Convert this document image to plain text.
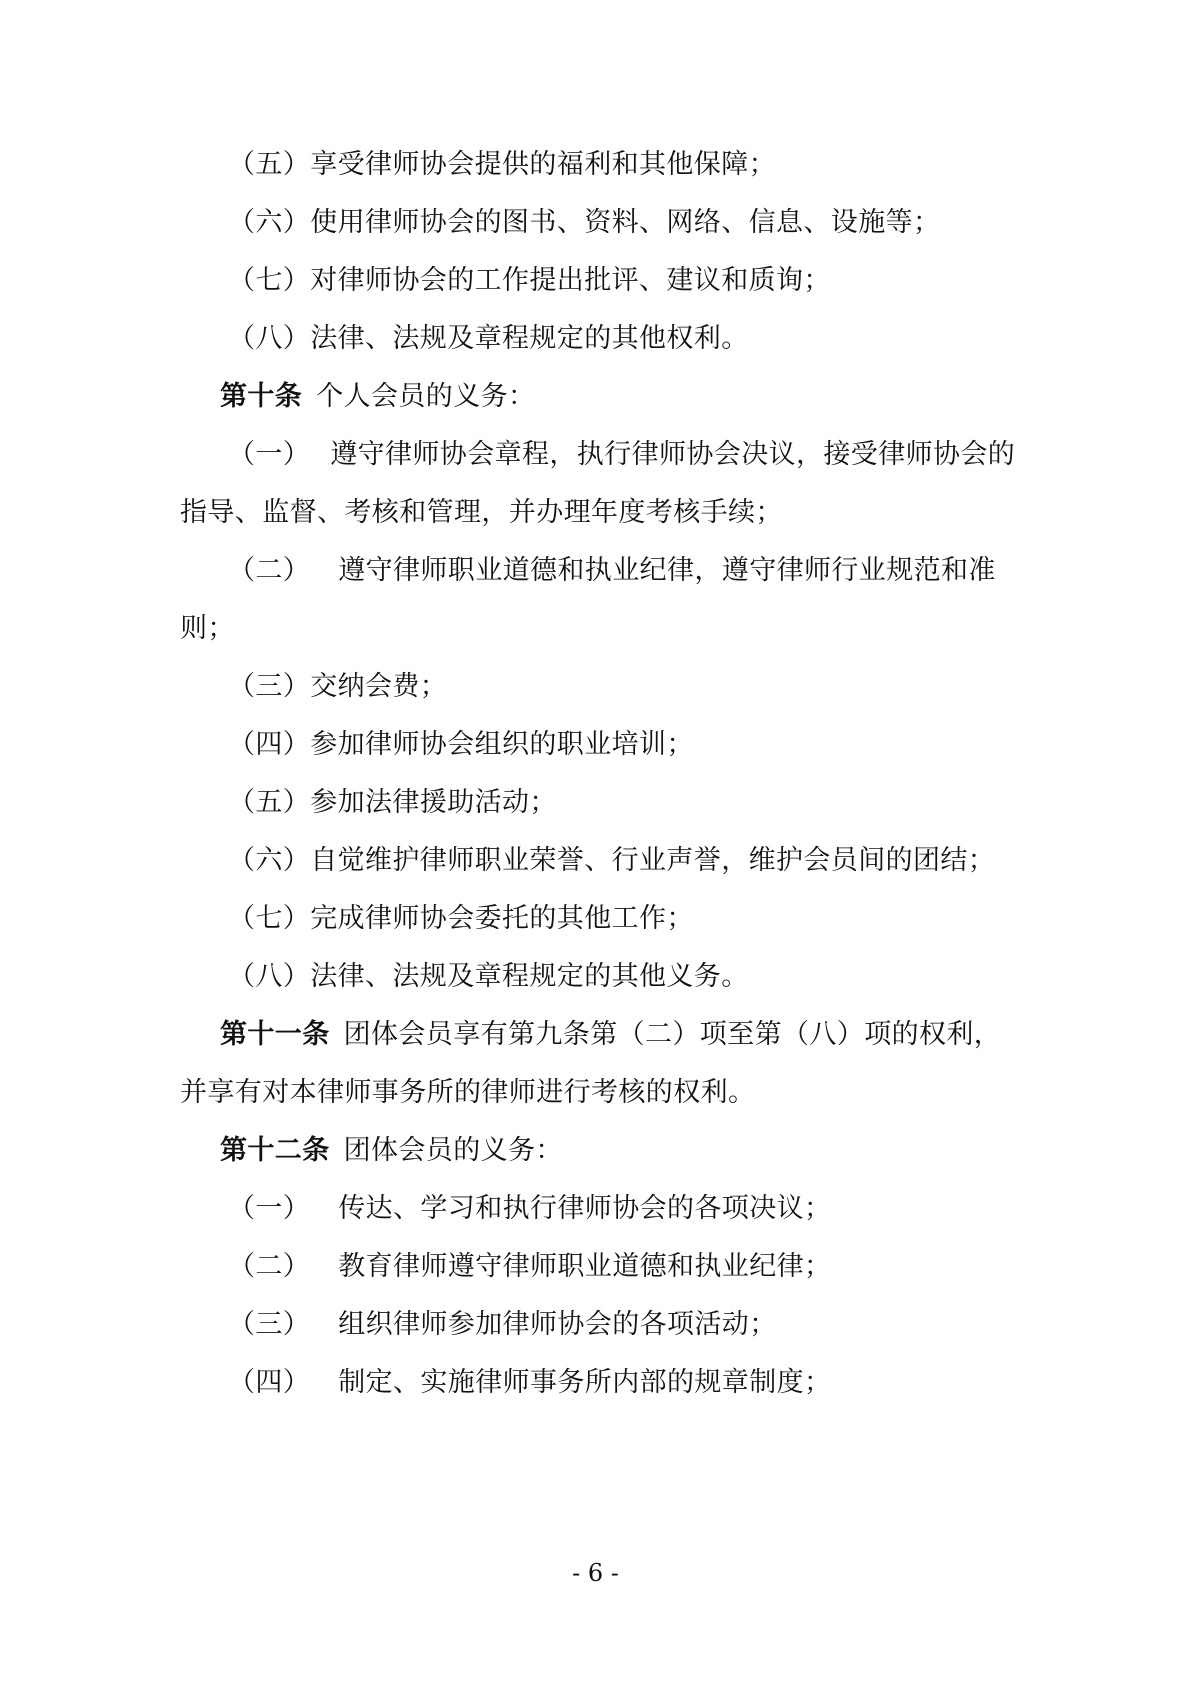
（五）享受律师协会提供的福利和其他保障；
（六）使用律师协会的图书、资料、网络、信息、设施等；
（七）对律师协会的工作提出批评、建议和质询；
（八）法律、法规及章程规定的其他权利。
第十条 个人会员的义务：
（一） 遵守律师协会章程，执行律师协会决议，接受律师协会的
指导、监督、考核和管理，并办理年度考核手续；
（二） 遵守律师职业道德和执业纪律，遵守律师行业规范和准
则；
（三）交纳会费；
（四）参加律师协会组织的职业培训；
（五）参加法律援助活动；
（六）自觉维护律师职业荣誉、行业声誉，维护会员间的团结；
（七）完成律师协会委托的其他工作；
（八）法律、法规及章程规定的其他义务。
第十一条 团体会员享有第九条第（二）项至第（八）项的权利，
并享有对本律师事务所的律师进行考核的权利。
第十二条 团体会员的义务：
（一） 传达、学习和执行律师协会的各项决议；
（二） 教育律师遵守律师职业道德和执业纪律；
（三） 组织律师参加律师协会的各项活动；
（四） 制定、实施律师事务所内部的规章制度；
- 6 -
